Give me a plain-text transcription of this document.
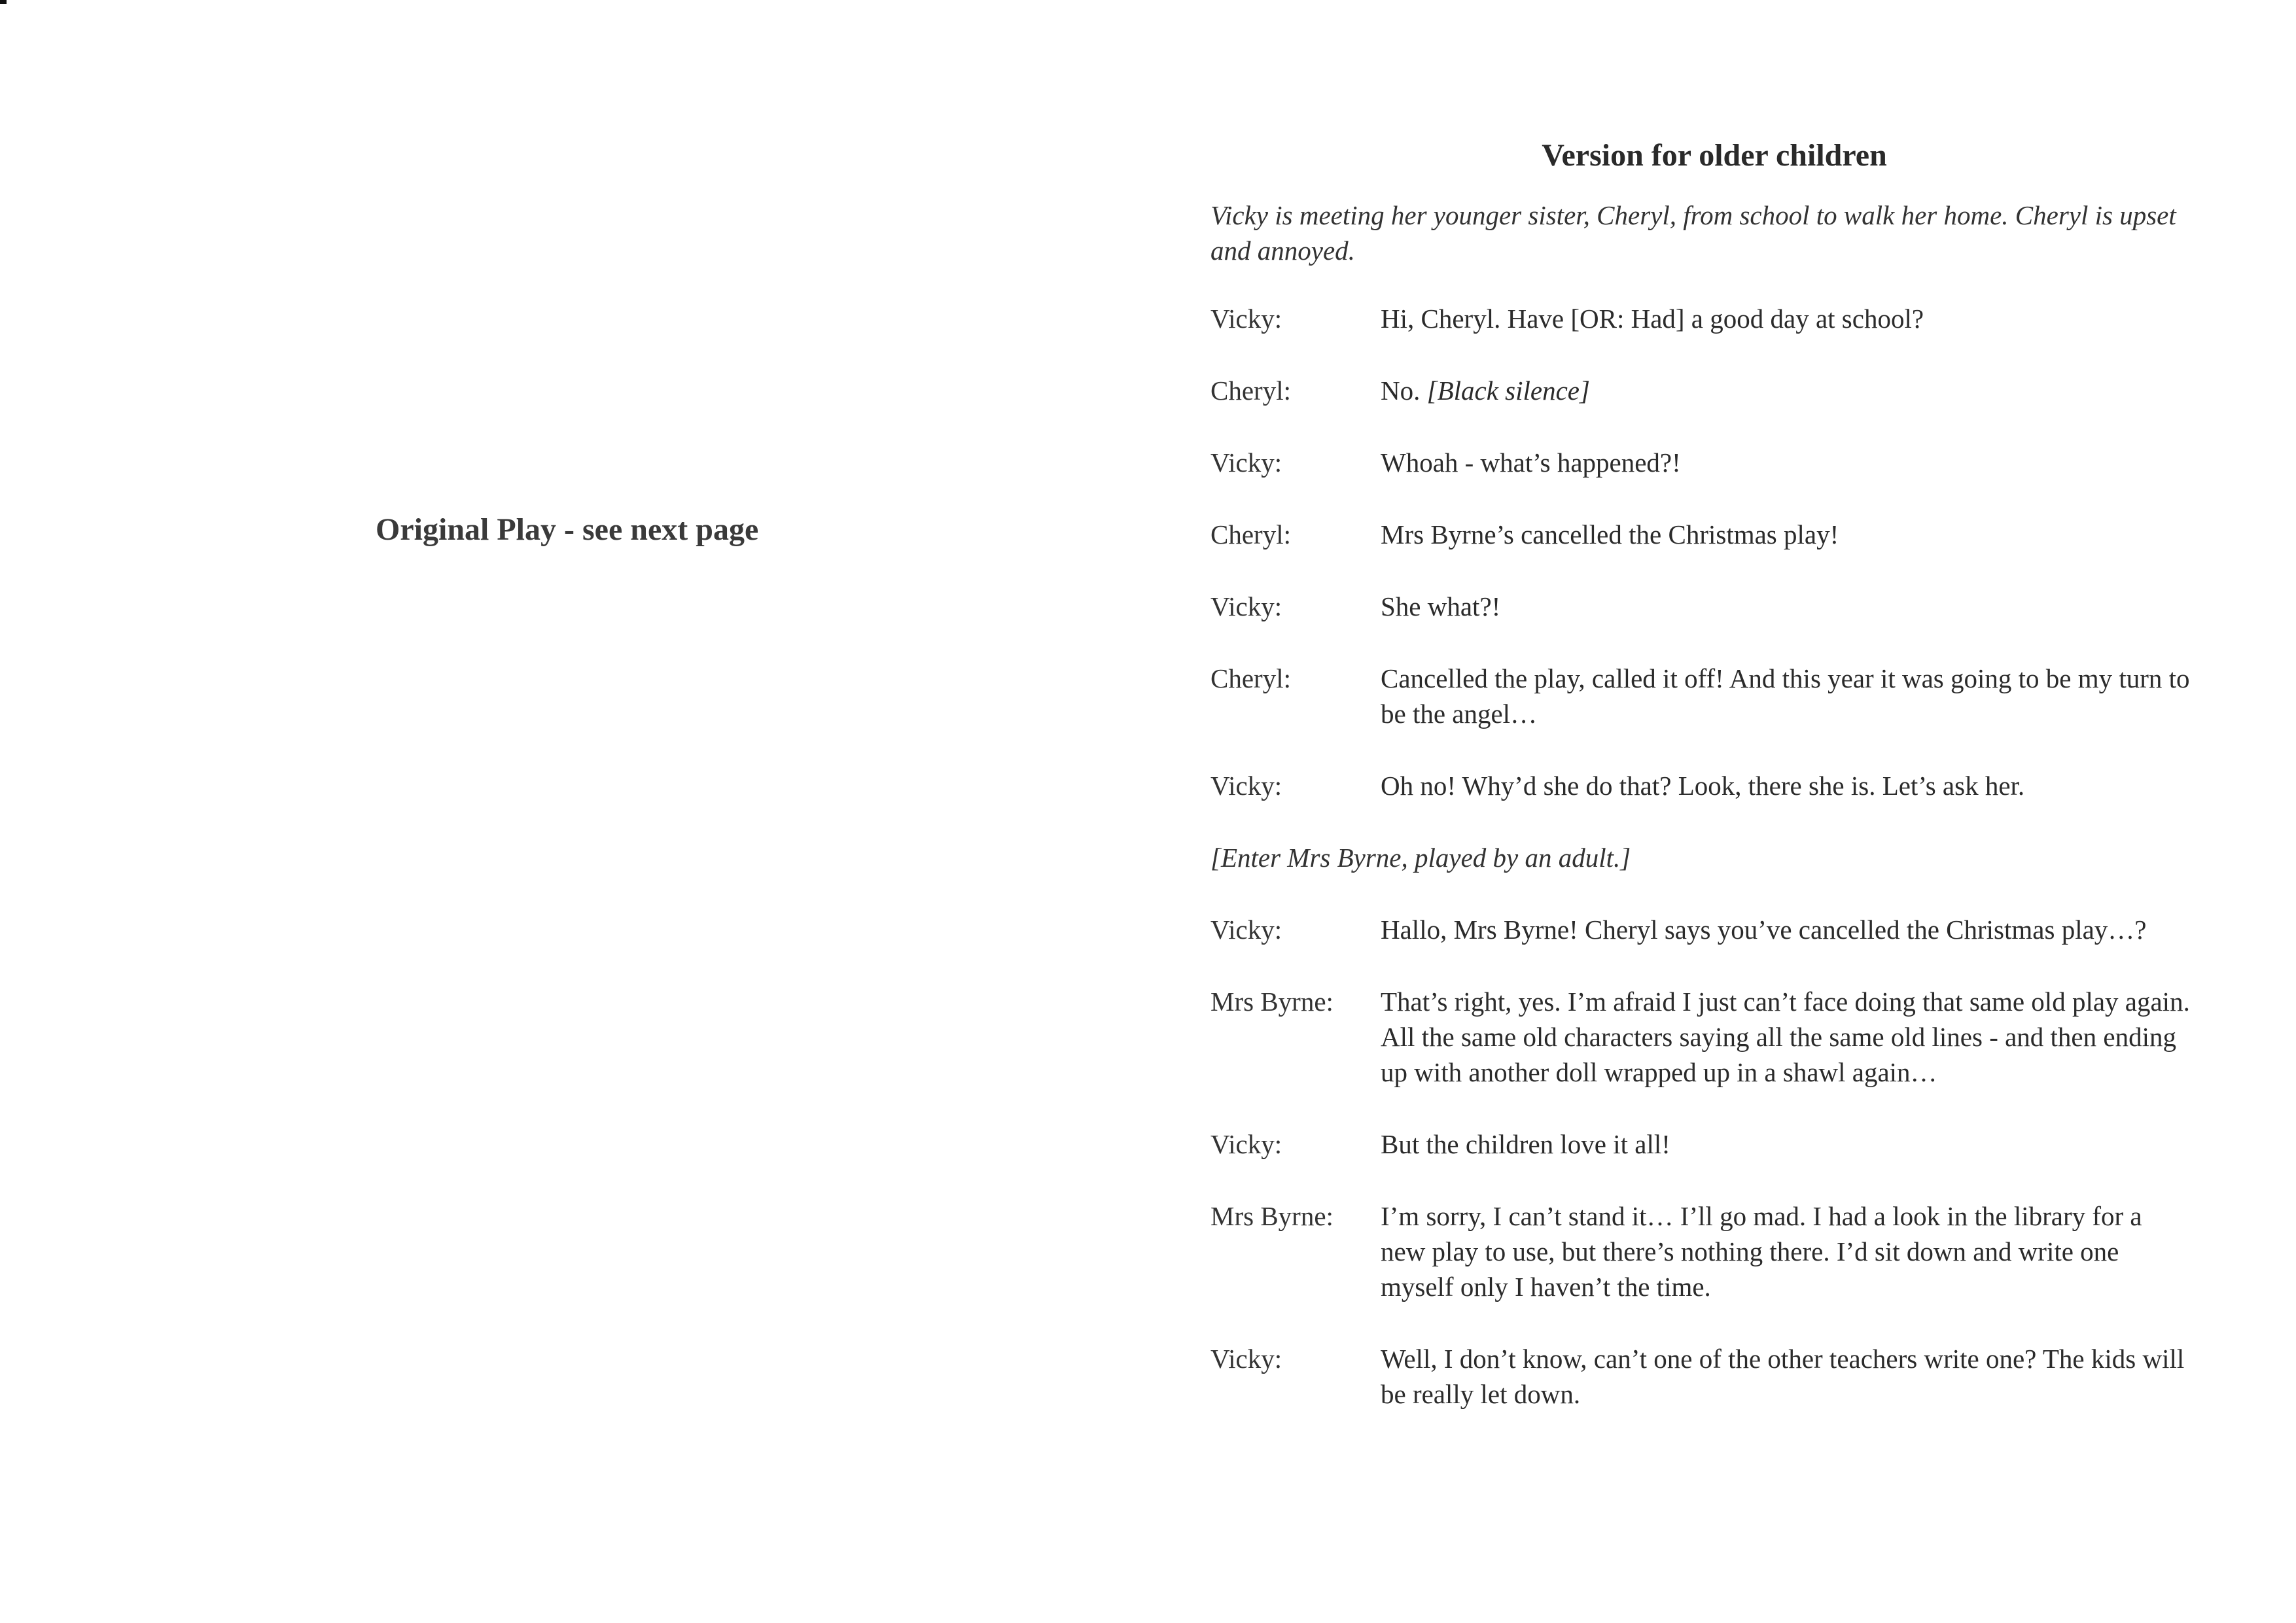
Original Play - see next page
Version for older children
Vicky is meeting her younger sister, Cheryl, from school to walk her home. Cheryl is upset and annoyed.
Vicky:	Hi, Cheryl. Have [OR: Had] a good day at school?
Cheryl:	No. [Black silence]
Vicky:	Whoah - what’s happened?!
Cheryl:	Mrs Byrne’s cancelled the Christmas play!
Vicky:	She what?!
Cheryl:	Cancelled the play, called it off! And this year it was going to be my turn to be the angel…
Vicky:	Oh no! Why’d she do that? Look, there she is. Let’s ask her.
[Enter Mrs Byrne, played by an adult.]
Vicky:	Hallo, Mrs Byrne! Cheryl says you’ve cancelled the Christmas play…?
Mrs Byrne:	That’s right, yes. I’m afraid I just can’t face doing that same old play again. All the same old characters saying all the same old lines - and then ending up with another doll wrapped up in a shawl again…
Vicky:	But the children love it all!
Mrs Byrne:	I’m sorry, I can’t stand it… I’ll go mad. I had a look in the library for a new play to use, but there’s nothing there. I’d sit down and write one myself only I haven’t the time.
Vicky:	Well, I don’t know, can’t one of the other teachers write one? The kids will be really let down.
